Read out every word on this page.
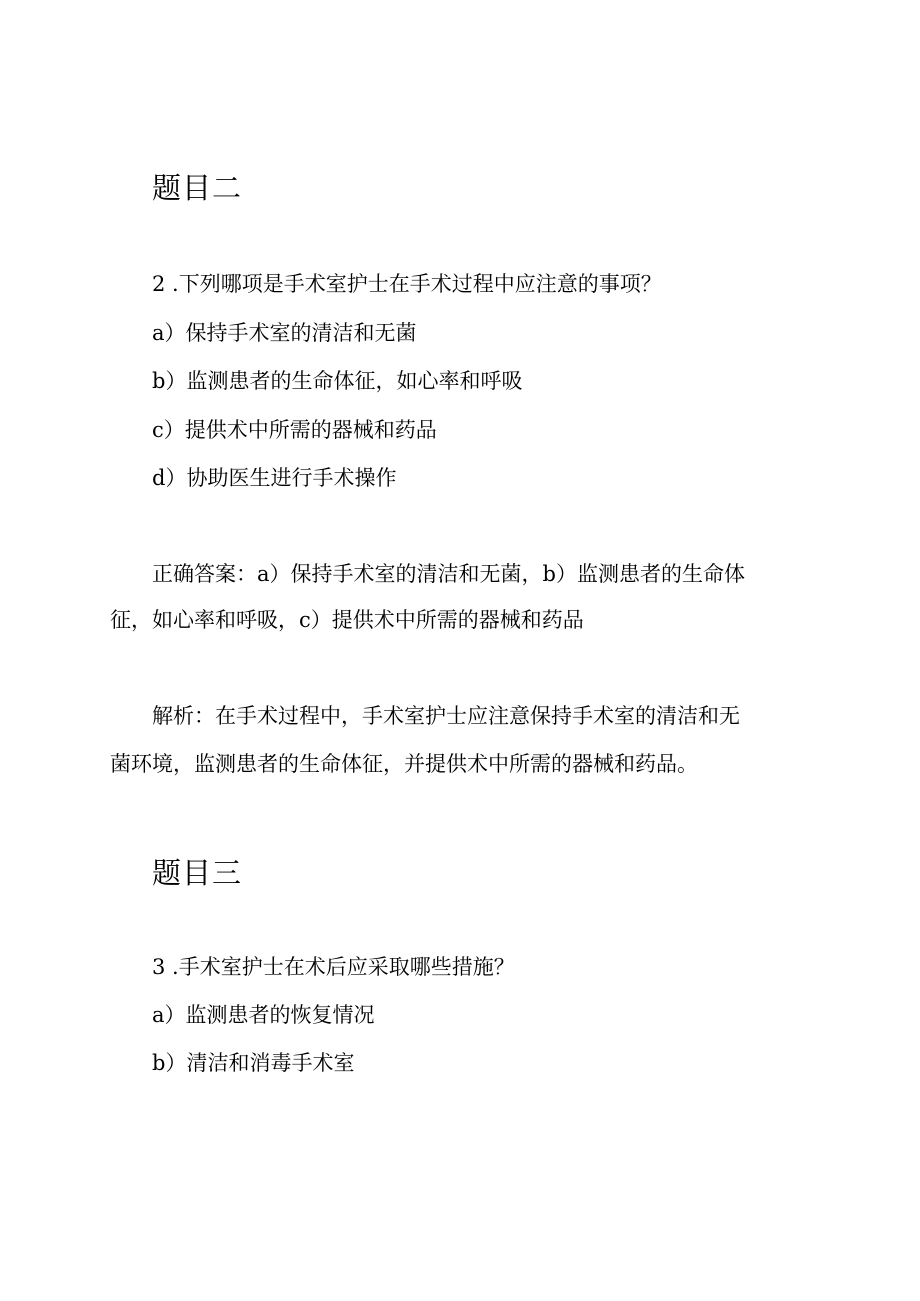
题目二

2 .下列哪项是手术室护士在手术过程中应注意的事项？

a）保持手术室的清洁和无菌

b）监测患者的生命体征，如心率和呼吸

c）提供术中所需的器械和药品

d）协助医生进行手术操作

正确答案：a）保持手术室的清洁和无菌，b）监测患者的生命体

征，如心率和呼吸，c）提供术中所需的器械和药品

解析：在手术过程中，手术室护士应注意保持手术室的清洁和无

菌环境，监测患者的生命体征，并提供术中所需的器械和药品。

题目三

3 .手术室护士在术后应采取哪些措施？

a）监测患者的恢复情况

b）清洁和消毒手术室
